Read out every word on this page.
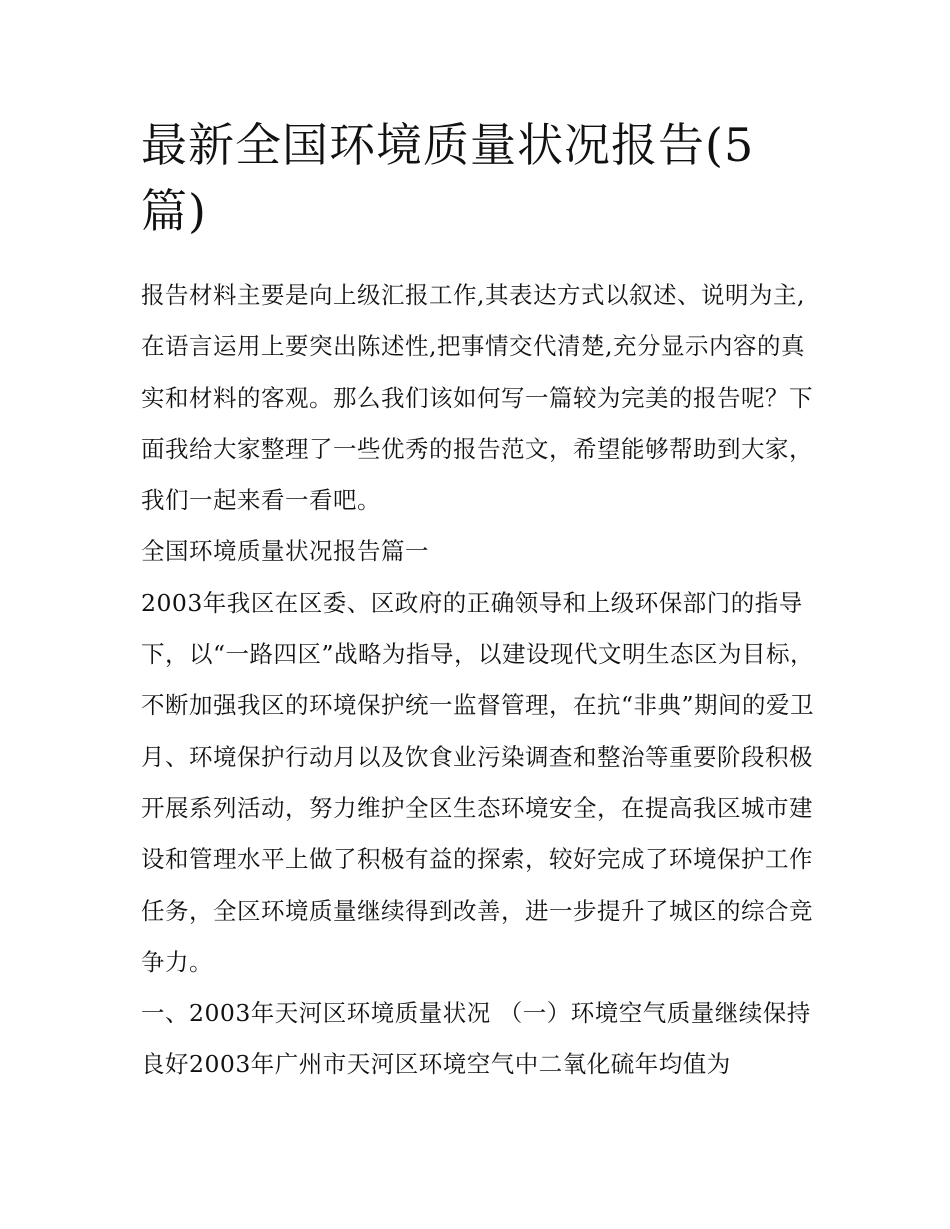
最新全国环境质量状况报告(5篇)

报告材料主要是向上级汇报工作,其表达方式以叙述、说明为主,在语言运用上要突出陈述性,把事情交代清楚,充分显示内容的真实和材料的客观。那么我们该如何写一篇较为完美的报告呢？下面我给大家整理了一些优秀的报告范文，希望能够帮助到大家，我们一起来看一看吧。

全国环境质量状况报告篇一

2003年我区在区委、区政府的正确领导和上级环保部门的指导下，以“一路四区”战略为指导，以建设现代文明生态区为目标，不断加强我区的环境保护统一监督管理，在抗“非典”期间的爱卫月、环境保护行动月以及饮食业污染调查和整治等重要阶段积极开展系列活动，努力维护全区生态环境安全，在提高我区城市建设和管理水平上做了积极有益的探索，较好完成了环境保护工作任务，全区环境质量继续得到改善，进一步提升了城区的综合竞争力。

一、2003年天河区环境质量状况 （一）环境空气质量继续保持良好2003年广州市天河区环境空气中二氧化硫年均值为
